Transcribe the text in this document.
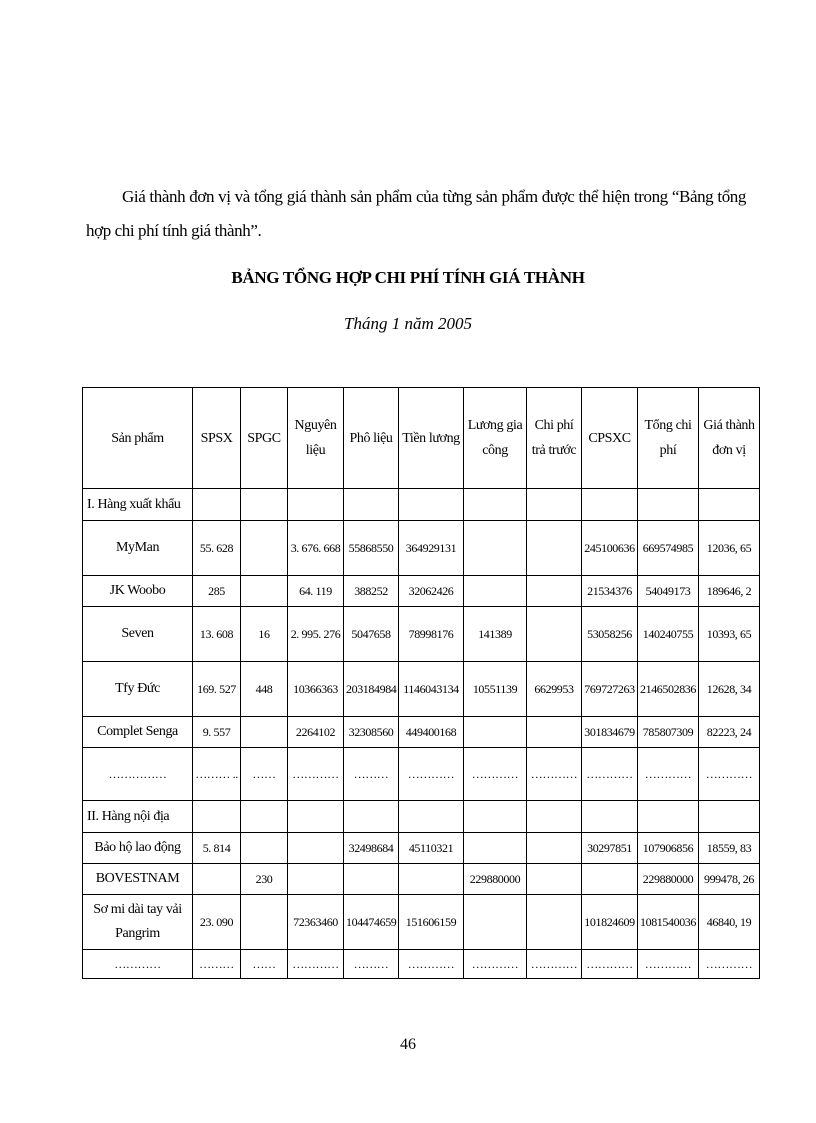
Giá thành đơn vị và tổng giá thành sản phẩm của từng sản phẩm được thể hiện trong “Bảng tổng hợp chi phí tính giá thành”.

BẢNG TỔNG HỢP CHI PHÍ TÍNH GIÁ THÀNH

Tháng 1 năm 2005

Sản phẩm	SPSX	SPGC	Nguyên liệu	Phô liệu	Tiền lương	Lương gia công	Chi phí trả trước	CPSXC	Tổng chi phí	Giá thành đơn vị
I. Hàng xuất khẩu										
MyMan	55. 628		3. 676. 668	55868550	364929131			245100636	669574985	12036, 65
JK Woobo	285		64. 119	388252	32062426			21534376	54049173	189646, 2
Seven	13. 608	16	2. 995. 276	5047658	78998176	141389		53058256	140240755	10393, 65
Tfy Đức	169. 527	448	10366363	203184984	1146043134	10551139	6629953	769727263	2146502836	12628, 34
Complet Senga	9. 557		2264102	32308560	449400168			301834679	785807309	82223, 24
……………	……… ..	……	…………	………	…………	…………	…………	…………	…………	…………
II. Hàng nội địa										
Bảo hộ lao động	5. 814			32498684	45110321			30297851	107906856	18559, 83
BOVESTNAM		230				229880000			229880000	999478, 26
Sơ mi dài tay vải Pangrim	23. 090		72363460	104474659	151606159			101824609	1081540036	46840, 19
…………	………	……	…………	………	…………	…………	…………	…………	…………	…………

46
